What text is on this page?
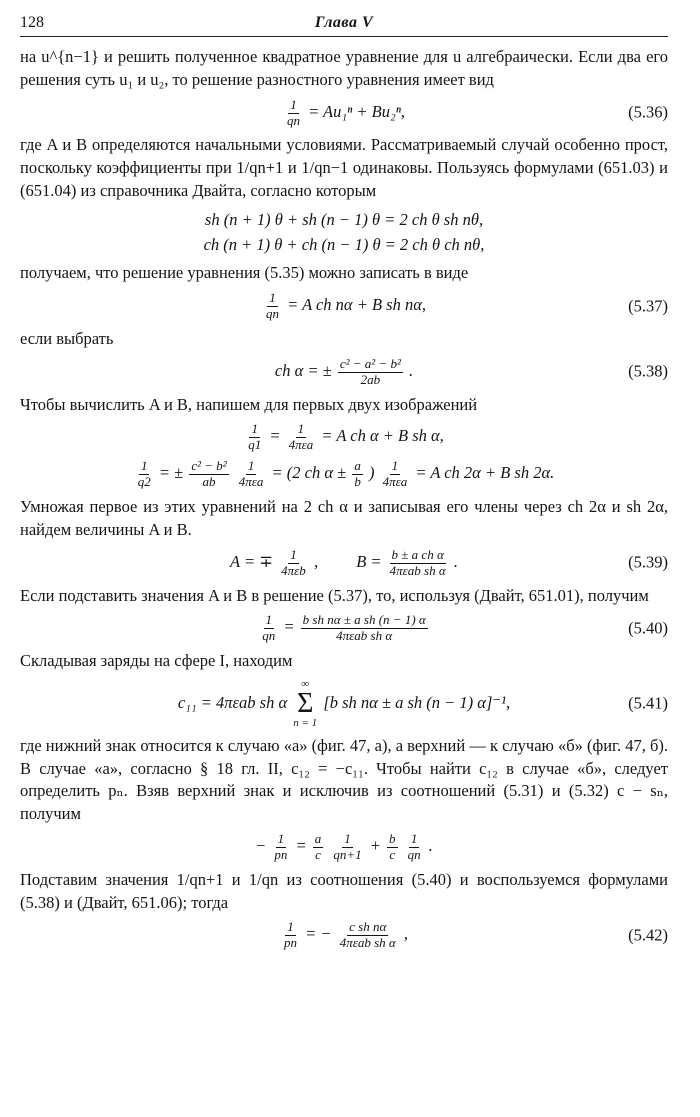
128	Глава V

на u^{n−1} и решить полученное квадратное уравнение для u алгебраически. Если два его решения суть u₁ и u₂, то решение разностного уравнения имеет вид

$\frac{1}{qn} = Au_1^n + Bu_2^n$,	(5.36)

где A и B определяются начальными условиями. Рассматриваемый случай особенно прост, поскольку коэффициенты при 1/qn+1 и 1/qn−1 одинаковы. Пользуясь формулами (651.03) и (651.04) из справочника Двайта, согласно которым

sh (n + 1) θ + sh (n − 1) θ = 2 ch θ sh nθ,
ch (n + 1) θ + ch (n − 1) θ = 2 ch θ ch nθ,

получаем, что решение уравнения (5.35) можно записать в виде

$\frac{1}{qn} = A$ ch nα + B sh nα,	(5.37)

если выбрать

ch α = ± $\frac{\text{c² − a² − b²}}{2ab}$ .	(5.38)

Чтобы вычислить A и B, напишем для первых двух изображений

$\frac{1}{q1} = \frac{1}{\text{4πεa}} = A$ ch α + B sh α,
$\frac{1}{q2}$ = ± $\frac{\text{c² − b²}}{ab}$
$\frac{1}{\text{4πεa}} = (2$ ch $\alpha \pm \frac{a}{b}$ ) $\frac{1}{\text{4πεa}} = A$ ch 2α + B sh 2α.

Умножая первое из этих уравнений на 2 ch α и записывая его члены через ch 2α и sh 2α, найдем величины A и B.

A = ∓ $\frac{1}{\text{4πεb}}$ , $B = \frac{\text{b ± a ch α}}{\text{4πεab sh α}}$ .	(5.39)

Если подставить значения A и B в решение (5.37), то, используя (Двайт, 651.01), получим

$\frac{1}{qn} = \frac{\text{b sh nα ± a sh (n − 1) α}}{\text{4πεab sh α}}$	(5.40)

Складывая заряды на сфере I, находим

c₁₁ = 4πεab sh α
∞
Σ
n = 1
[b sh nα ± a sh (n − 1) α]⁻¹,	(5.41)

где нижний знак относится к случаю «а» (фиг. 47, а), а верхний — к случаю «б» (фиг. 47, б). В случае «а», согласно § 18 гл. II, c₁₂ = −c₁₁. Чтобы найти c₁₂ в случае «б», следует определить pₙ. Взяв верхний знак и исключив из соотношений (5.31) и (5.32) c − sₙ, получим

− $\frac{1}{pn} = \frac{a}{c}$
$\frac{1}{qn+1} + \frac{b}{c}$
$\frac{1}{qn}$ .

Подставим значения 1/qn+1 и 1/qn из соотношения (5.40) и воспользуемся формулами (5.38) и (Двайт, 651.06); тогда

$\frac{1}{pn}$ = − $\frac{\text{c sh nα}}{\text{4πεab sh α}}$ ,	(5.42)
